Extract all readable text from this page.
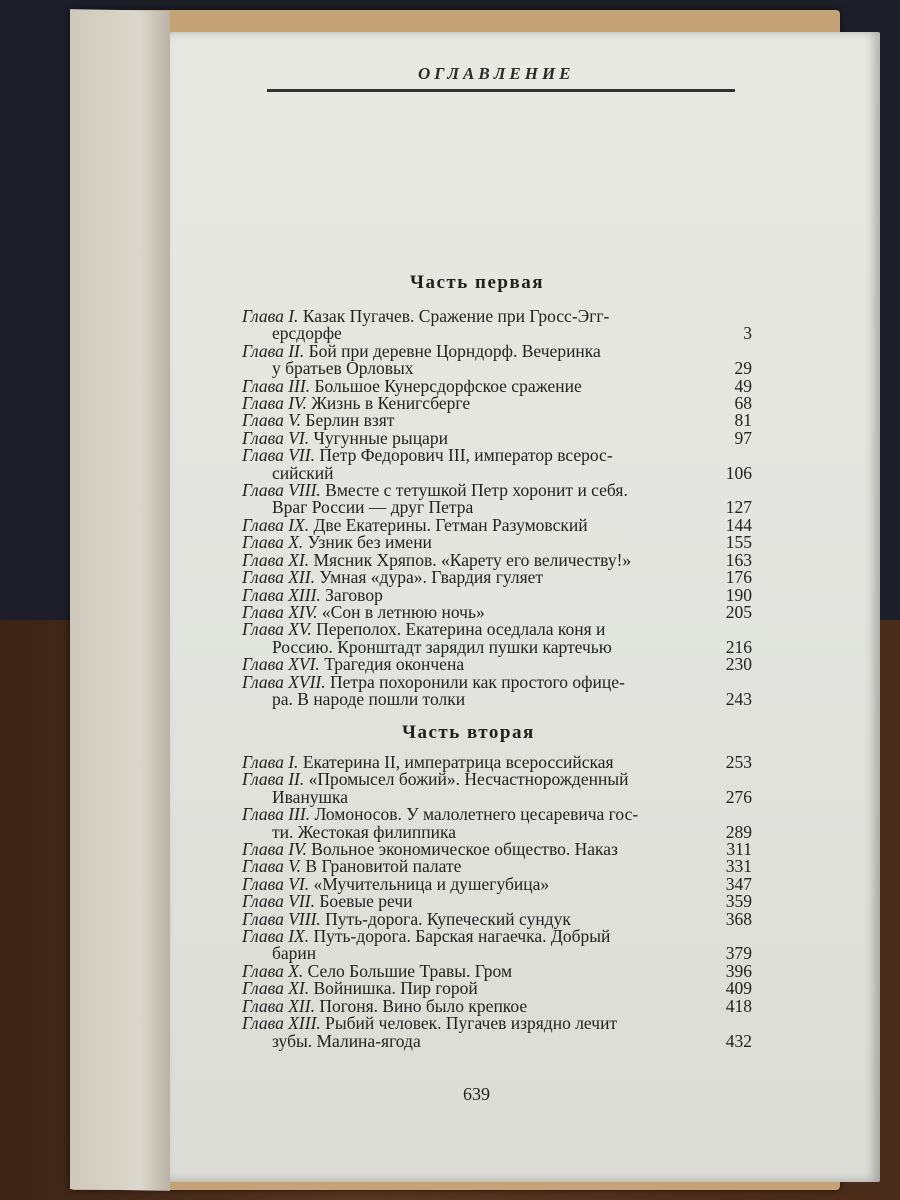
ОГЛАВЛЕНИЕ
Часть первая
Глава I. Казак Пугачев. Сражение при Гросс-Эгг-
ерсдорфе	3
Глава II. Бой при деревне Цорндорф. Вечеринка
у братьев Орловых	29
Глава III. Большое Кунерсдорфское сражение	49
Глава IV. Жизнь в Кенигсберге	68
Глава V. Берлин взят	81
Глава VI. Чугунные рыцари	97
Глава VII. Петр Федорович III, император всерос-
сийский	106
Глава VIII. Вместе с тетушкой Петр хоронит и себя.
Враг России — друг Петра	127
Глава IX. Две Екатерины. Гетман Разумовский	144
Глава X. Узник без имени	155
Глава XI. Мясник Хряпов. «Карету его величеству!»	163
Глава XII. Умная «дура». Гвардия гуляет	176
Глава XIII. Заговор	190
Глава XIV. «Сон в летнюю ночь»	205
Глава XV. Переполох. Екатерина оседлала коня и
Россию. Кронштадт зарядил пушки картечью	216
Глава XVI. Трагедия окончена	230
Глава XVII. Петра похоронили как простого офице-
ра. В народе пошли толки	243
Часть вторая
Глава I. Екатерина II, императрица всероссийская	253
Глава II. «Промысел божий». Несчастнорожденный
Иванушка	276
Глава III. Ломоносов. У малолетнего цесаревича гос-
ти. Жестокая филиппика	289
Глава IV. Вольное экономическое общество. Наказ	311
Глава V. В Грановитой палате	331
Глава VI. «Мучительница и душегубица»	347
Глава VII. Боевые речи	359
Глава VIII. Путь-дорога. Купеческий сундук	368
Глава IX. Путь-дорога. Барская нагаечка. Добрый
барин	379
Глава X. Село Большие Травы. Гром	396
Глава XI. Войнишка. Пир горой	409
Глава XII. Погоня. Вино было крепкое	418
Глава XIII. Рыбий человек. Пугачев изрядно лечит
зубы. Малина-ягода	432
639
